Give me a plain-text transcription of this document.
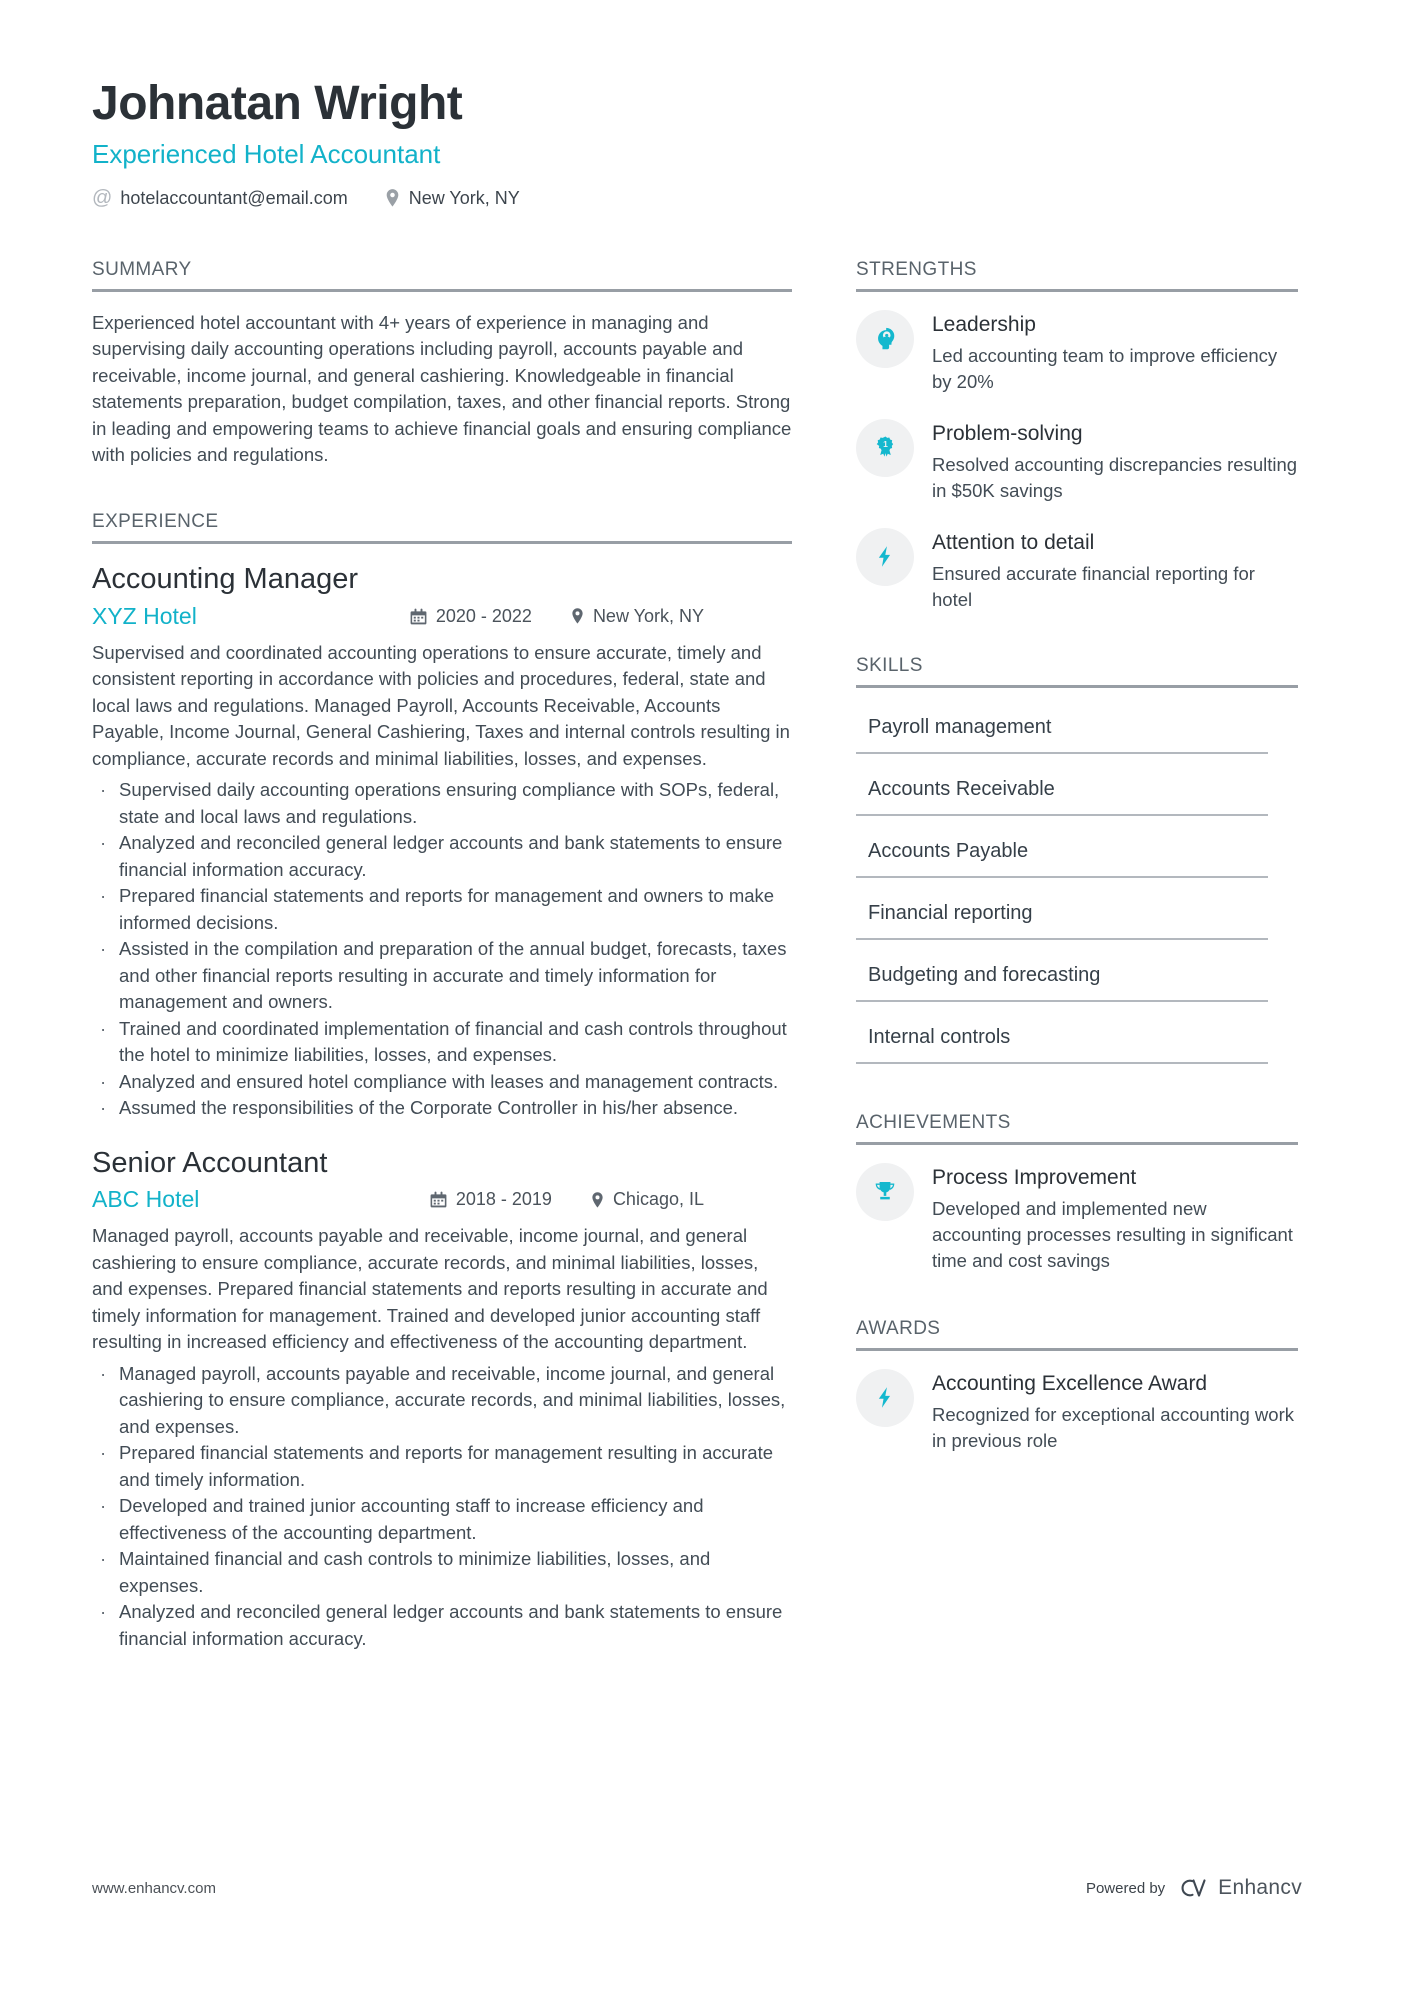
Johnatan Wright
Experienced Hotel Accountant
@ hotelaccountant@email.com	New York, NY
SUMMARY

Experienced hotel accountant with 4+ years of experience in managing and supervising daily accounting operations including payroll, accounts payable and receivable, income journal, and general cashiering. Knowledgeable in financial statements preparation, budget compilation, taxes, and other financial reports. Strong in leading and empowering teams to achieve financial goals and ensuring compliance with policies and regulations.

EXPERIENCE
Accounting Manager
XYZ Hotel	2020 - 2022	New York, NY

Supervised and coordinated accounting operations to ensure accurate, timely and consistent reporting in accordance with policies and procedures, federal, state and local laws and regulations. Managed Payroll, Accounts Receivable, Accounts Payable, Income Journal, General Cashiering, Taxes and internal controls resulting in compliance, accurate records and minimal liabilities, losses, and expenses.

· Supervised daily accounting operations ensuring compliance with SOPs, federal, state and local laws and regulations.
· Analyzed and reconciled general ledger accounts and bank statements to ensure financial information accuracy.
· Prepared financial statements and reports for management and owners to make informed decisions.
· Assisted in the compilation and preparation of the annual budget, forecasts, taxes and other financial reports resulting in accurate and timely information for management and owners.
· Trained and coordinated implementation of financial and cash controls throughout the hotel to minimize liabilities, losses, and expenses.
· Analyzed and ensured hotel compliance with leases and management contracts.
· Assumed the responsibilities of the Corporate Controller in his/her absence.
Senior Accountant
ABC Hotel	2018 - 2019	Chicago, IL

Managed payroll, accounts payable and receivable, income journal, and general cashiering to ensure compliance, accurate records, and minimal liabilities, losses, and expenses. Prepared financial statements and reports resulting in accurate and timely information for management. Trained and developed junior accounting staff resulting in increased efficiency and effectiveness of the accounting department.

· Managed payroll, accounts payable and receivable, income journal, and general cashiering to ensure compliance, accurate records, and minimal liabilities, losses, and expenses.
· Prepared financial statements and reports for management resulting in accurate and timely information.
· Developed and trained junior accounting staff to increase efficiency and effectiveness of the accounting department.
· Maintained financial and cash controls to minimize liabilities, losses, and expenses.
· Analyzed and reconciled general ledger accounts and bank statements to ensure financial information accuracy.
STRENGTHS
Leadership
Led accounting team to improve efficiency by 20%
1 Problem-solving
Resolved accounting discrepancies resulting in $50K savings
Attention to detail
Ensured accurate financial reporting for hotel
SKILLS
Payroll management
Accounts Receivable
Accounts Payable
Financial reporting
Budgeting and forecasting
Internal controls
ACHIEVEMENTS
Process Improvement
Developed and implemented new accounting processes resulting in significant time and cost savings
AWARDS
Accounting Excellence Award
Recognized for exceptional accounting work in previous role
www.enhancv.com	Powered by	Enhancv
